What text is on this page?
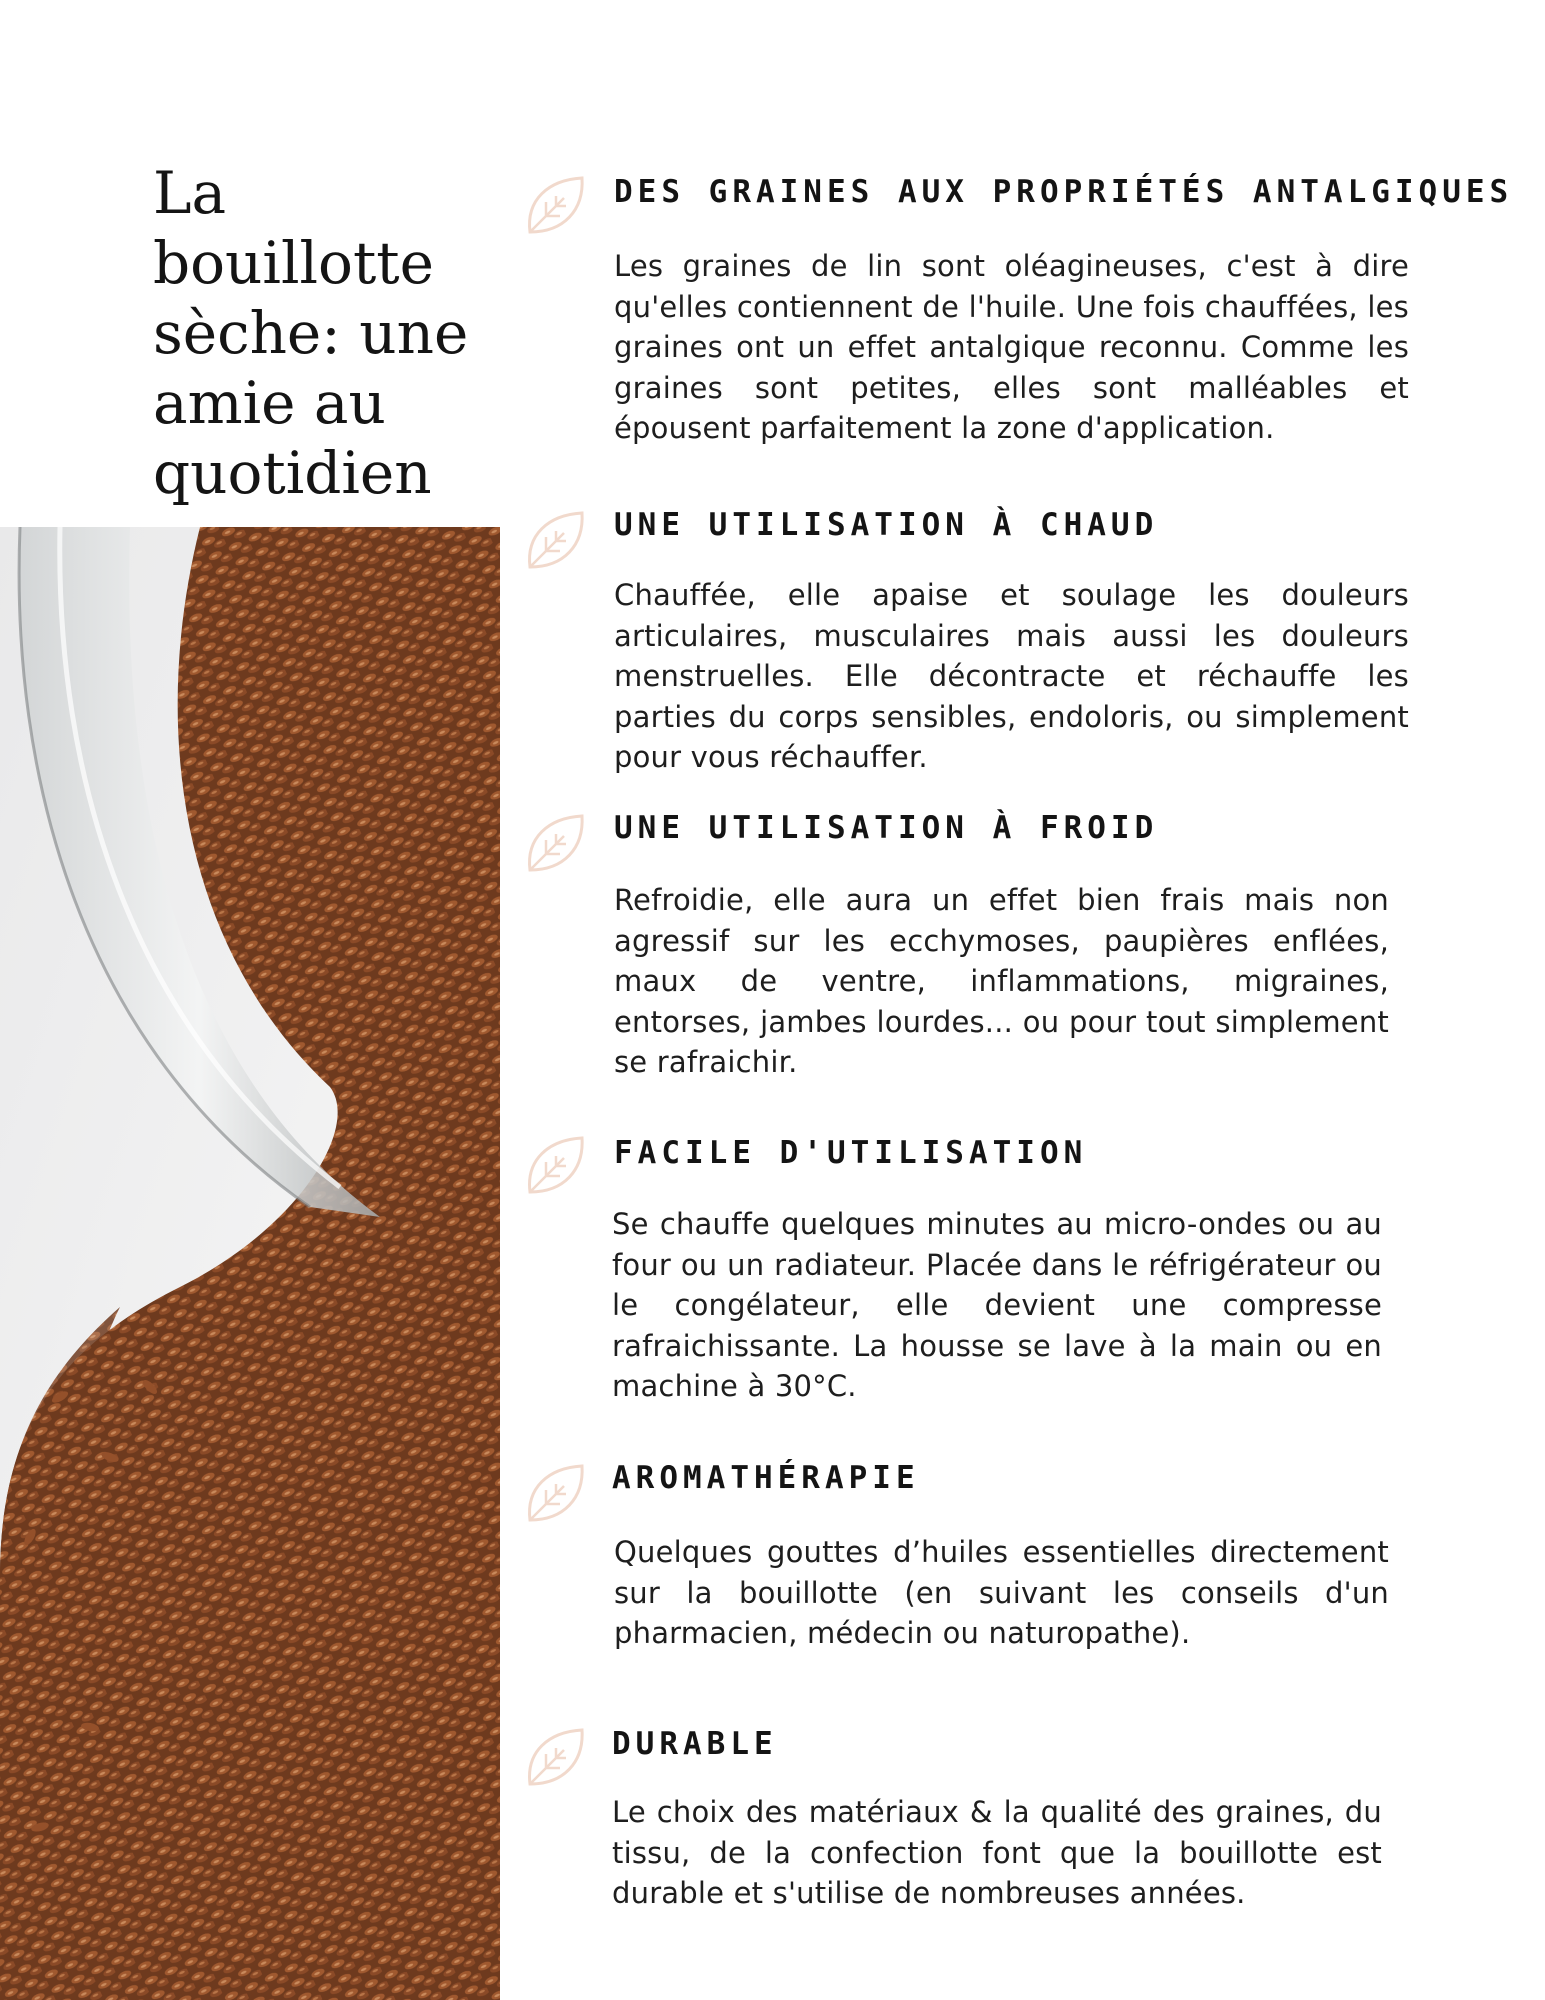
La bouillotte sèche: une amie au quotidien
DES GRAINES AUX PROPRIÉTÉS ANTALGIQUES

Les graines de lin sont oléagineuses, c'est à dire qu'elles contiennent de l'huile. Une fois chauffées, les graines ont un effet antalgique reconnu. Comme les graines sont petites, elles sont malléables et épousent parfaitement la zone d'application.

UNE UTILISATION À CHAUD

Chauffée, elle apaise et soulage les douleurs articulaires, musculaires mais aussi les douleurs menstruelles. Elle décontracte et réchauffe les parties du corps sensibles, endoloris, ou simplement pour vous réchauffer.

UNE UTILISATION À FROID

Refroidie, elle aura un effet bien frais mais non agressif sur les ecchymoses, paupières enflées, maux de ventre, inflammations, migraines, entorses, jambes lourdes... ou pour tout simplement se rafraichir.

FACILE D'UTILISATION

Se chauffe quelques minutes au micro-ondes ou au four ou un radiateur. Placée dans le réfrigérateur ou le congélateur, elle devient une compresse rafraichissante. La housse se lave à la main ou en machine à 30°C.

AROMATHÉRAPIE

Quelques gouttes d’huiles essentielles directement sur la bouillotte (en suivant les conseils d'un pharmacien, médecin ou naturopathe).

DURABLE

Le choix des matériaux & la qualité des graines, du tissu, de la confection font que la bouillotte est durable et s'utilise de nombreuses années.
